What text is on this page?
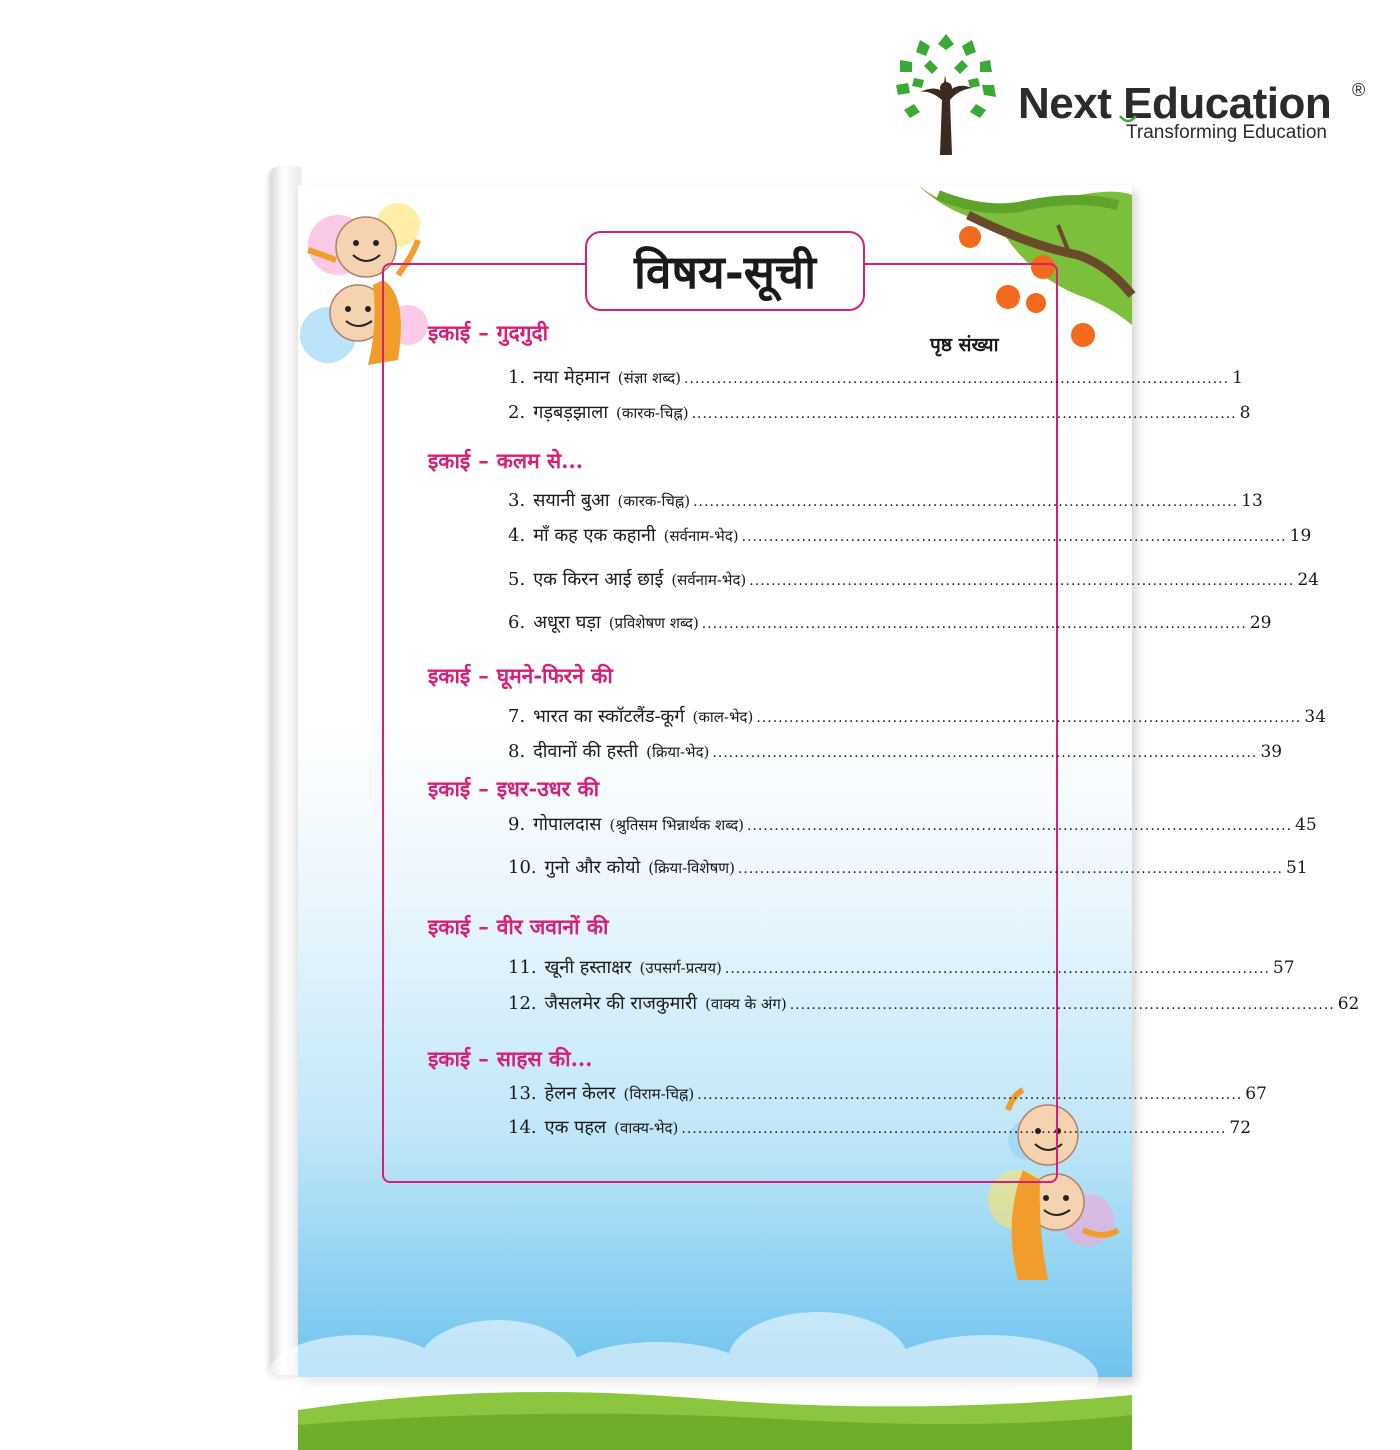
Next Education ®
Transforming Education
विषय-सूची
पृष्ठ संख्या
इकाई – गुदगुदी
1. नया मेहमान (संज्ञा शब्द) .................................................................................................... 1
2. गड़बड़झाला (कारक-चिह्न) .................................................................................................... 8
इकाई – कलम से...
3. सयानी बुआ (कारक-चिह्न) .................................................................................................... 13
4. माँ कह एक कहानी (सर्वनाम-भेद) .................................................................................................... 19
5. एक किरन आई छाई (सर्वनाम-भेद) .................................................................................................... 24
6. अधूरा घड़ा (प्रविशेषण शब्द) .................................................................................................... 29
इकाई – घूमने-फिरने की
7. भारत का स्कॉटलैंड-कूर्ग (काल-भेद) .................................................................................................... 34
8. दीवानों की हस्ती (क्रिया-भेद) .................................................................................................... 39
इकाई – इधर-उधर की
9. गोपालदास (श्रुतिसम भिन्नार्थक शब्द) .................................................................................................... 45
10. गुनो और कोयो (क्रिया-विशेषण) .................................................................................................... 51
इकाई – वीर जवानों की
11. खूनी हस्ताक्षर (उपसर्ग-प्रत्यय) .................................................................................................... 57
12. जैसलमेर की राजकुमारी (वाक्य के अंग) .................................................................................................... 62
इकाई – साहस की...
13. हेलन केलर (विराम-चिह्न) .................................................................................................... 67
14. एक पहल (वाक्य-भेद) .................................................................................................... 72
